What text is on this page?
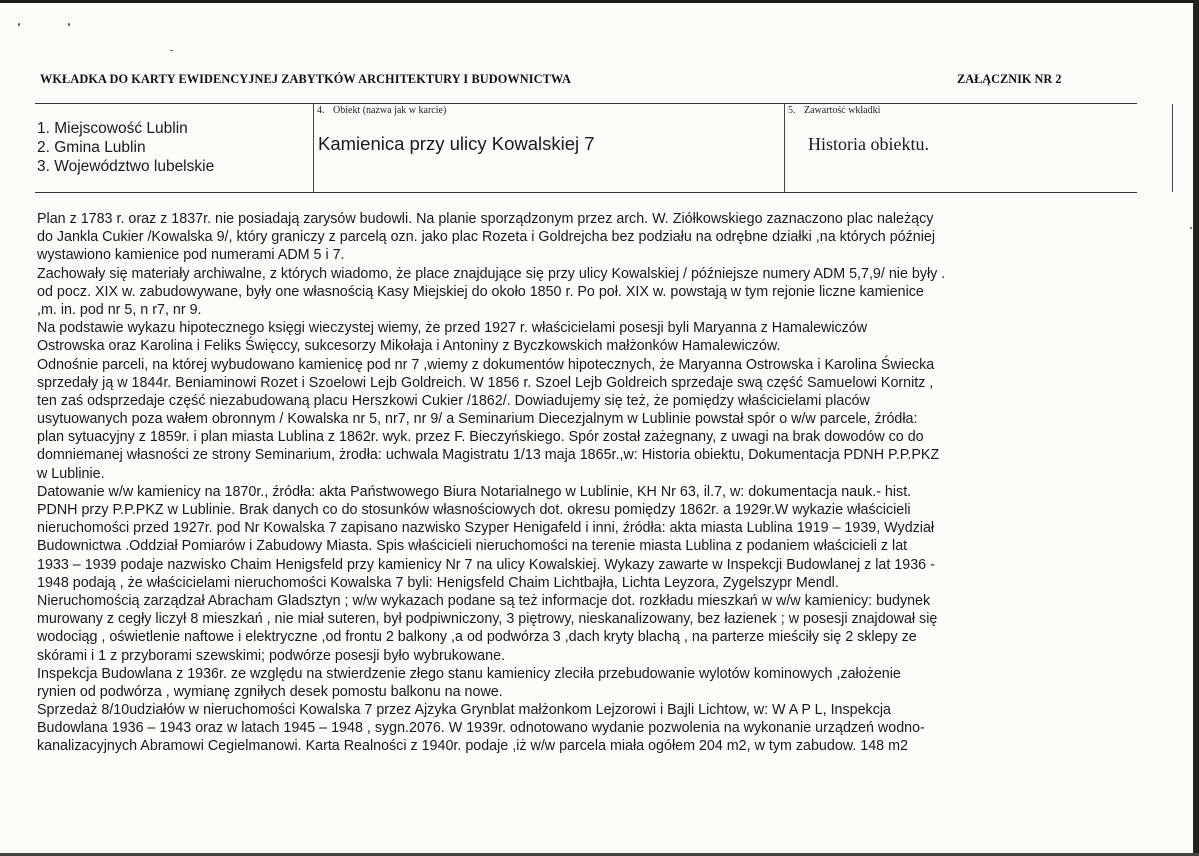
WKŁADKA DO KARTY EWIDENCYJNEJ ZABYTKÓW ARCHITEKTURY I BUDOWNICTWA	ZAŁĄCZNIK NR 2
1. Miejscowość Lublin
2. Gmina Lublin
3. Województwo lubelskie
4. Obiekt (nazwa jak w karcie)
Kamienica przy ulicy Kowalskiej 7
5. Zawartość wkładki
Historia obiektu.
Plan z 1783 r. oraz z 1837r. nie posiadają zarysów budowli. Na planie sporządzonym przez arch. W. Ziółkowskiego zaznaczono plac należący
do Jankla Cukier /Kowalska 9/, który graniczy z parcelą ozn. jako plac Rozeta i Goldrejcha bez podziału na odrębne działki ,na których później
wystawiono kamienice pod numerami ADM 5 i 7.
Zachowały się materiały archiwalne, z których wiadomo, że place znajdujące się przy ulicy Kowalskiej / późniejsze numery ADM 5,7,9/ nie były .
od pocz. XIX w. zabudowywane, były one własnością Kasy Miejskiej do około 1850 r. Po poł. XIX w. powstają w tym rejonie liczne kamienice
,m. in. pod nr 5, n r7, nr 9.
Na podstawie wykazu hipotecznego księgi wieczystej wiemy, że przed 1927 r. właścicielami posesji byli Maryanna z Hamalewiczów
Ostrowska oraz Karolina i Feliks Święccy, sukcesorzy Mikołaja i Antoniny z Byczkowskich małżonków Hamalewiczów.
Odnośnie parceli, na której wybudowano kamienicę pod nr 7 ,wiemy z dokumentów hipotecznych, że Maryanna Ostrowska i Karolina Świecka
sprzedały ją w 1844r. Beniaminowi Rozet i Szoelowi Lejb Goldreich. W 1856 r. Szoel Lejb Goldreich sprzedaje swą część Samuelowi Kornitz ,
ten zaś odsprzedaje część niezabudowaną placu Herszkowi Cukier /1862/. Dowiadujemy się też, że pomiędzy właścicielami placów
usytuowanych poza wałem obronnym / Kowalska nr 5, nr7, nr 9/ a Seminarium Diecezjalnym w Lublinie powstał spór o w/w parcele, źródła:
plan sytuacyjny z 1859r. i plan miasta Lublina z 1862r. wyk. przez F. Bieczyńskiego. Spór został zażegnany, z uwagi na brak dowodów co do
domniemanej własności ze strony Seminarium, żrodła: uchwala Magistratu 1/13 maja 1865r.,w: Historia obiektu, Dokumentacja PDNH P.P.PKZ
w Lublinie.
Datowanie w/w kamienicy na 1870r., źródła: akta Państwowego Biura Notarialnego w Lublinie, KH Nr 63, il.7, w: dokumentacja nauk.- hist.
PDNH przy P.P.PKZ w Lublinie. Brak danych co do stosunków własnościowych dot. okresu pomiędzy 1862r. a 1929r.W wykazie właścicieli
nieruchomości przed 1927r. pod Nr Kowalska 7 zapisano nazwisko Szyper Henigafeld i inni, źródła: akta miasta Lublina 1919 – 1939, Wydział
Budownictwa .Oddział Pomiarów i Zabudowy Miasta. Spis właścicieli nieruchomości na terenie miasta Lublina z podaniem właścicieli z lat
1933 – 1939 podaje nazwisko Chaim Henigsfeld przy kamienicy Nr 7 na ulicy Kowalskiej. Wykazy zawarte w Inspekcji Budowlanej z lat 1936 -
1948 podają , że właścicielami nieruchomości Kowalska 7 byli: Henigsfeld Chaim Lichtbajła, Lichta Leyzora, Zygelszypr Mendl.
Nieruchomością zarządzał Abracham Gladsztyn ; w/w wykazach podane są też informacje dot. rozkładu mieszkań w w/w kamienicy: budynek
murowany z cegły liczył 8 mieszkań , nie miał suteren, był podpiwniczony, 3 piętrowy, nieskanalizowany, bez łazienek ; w posesji znajdował się
wodociąg , oświetlenie naftowe i elektryczne ,od frontu 2 balkony ,a od podwórza 3 ,dach kryty blachą , na parterze mieściły się 2 sklepy ze
skórami i 1 z przyborami szewskimi; podwórze posesji było wybrukowane.
Inspekcja Budowlana z 1936r. ze względu na stwierdzenie złego stanu kamienicy zleciła przebudowanie wylotów kominowych ,założenie
rynien od podwórza , wymianę zgniłych desek pomostu balkonu na nowe.
Sprzedaż 8/10udziałów w nieruchomości Kowalska 7 przez Ajzyka Grynblat małżonkom Lejzorowi i Bajli Lichtow, w: W A P L, Inspekcja
Budowlana 1936 – 1943 oraz w latach 1945 – 1948 , sygn.2076. W 1939r. odnotowano wydanie pozwolenia na wykonanie urządzeń wodno-
kanalizacyjnych Abramowi Cegielmanowi. Karta Realności z 1940r. podaje ,iż w/w parcela miała ogółem 204 m2, w tym zabudow. 148 m2
